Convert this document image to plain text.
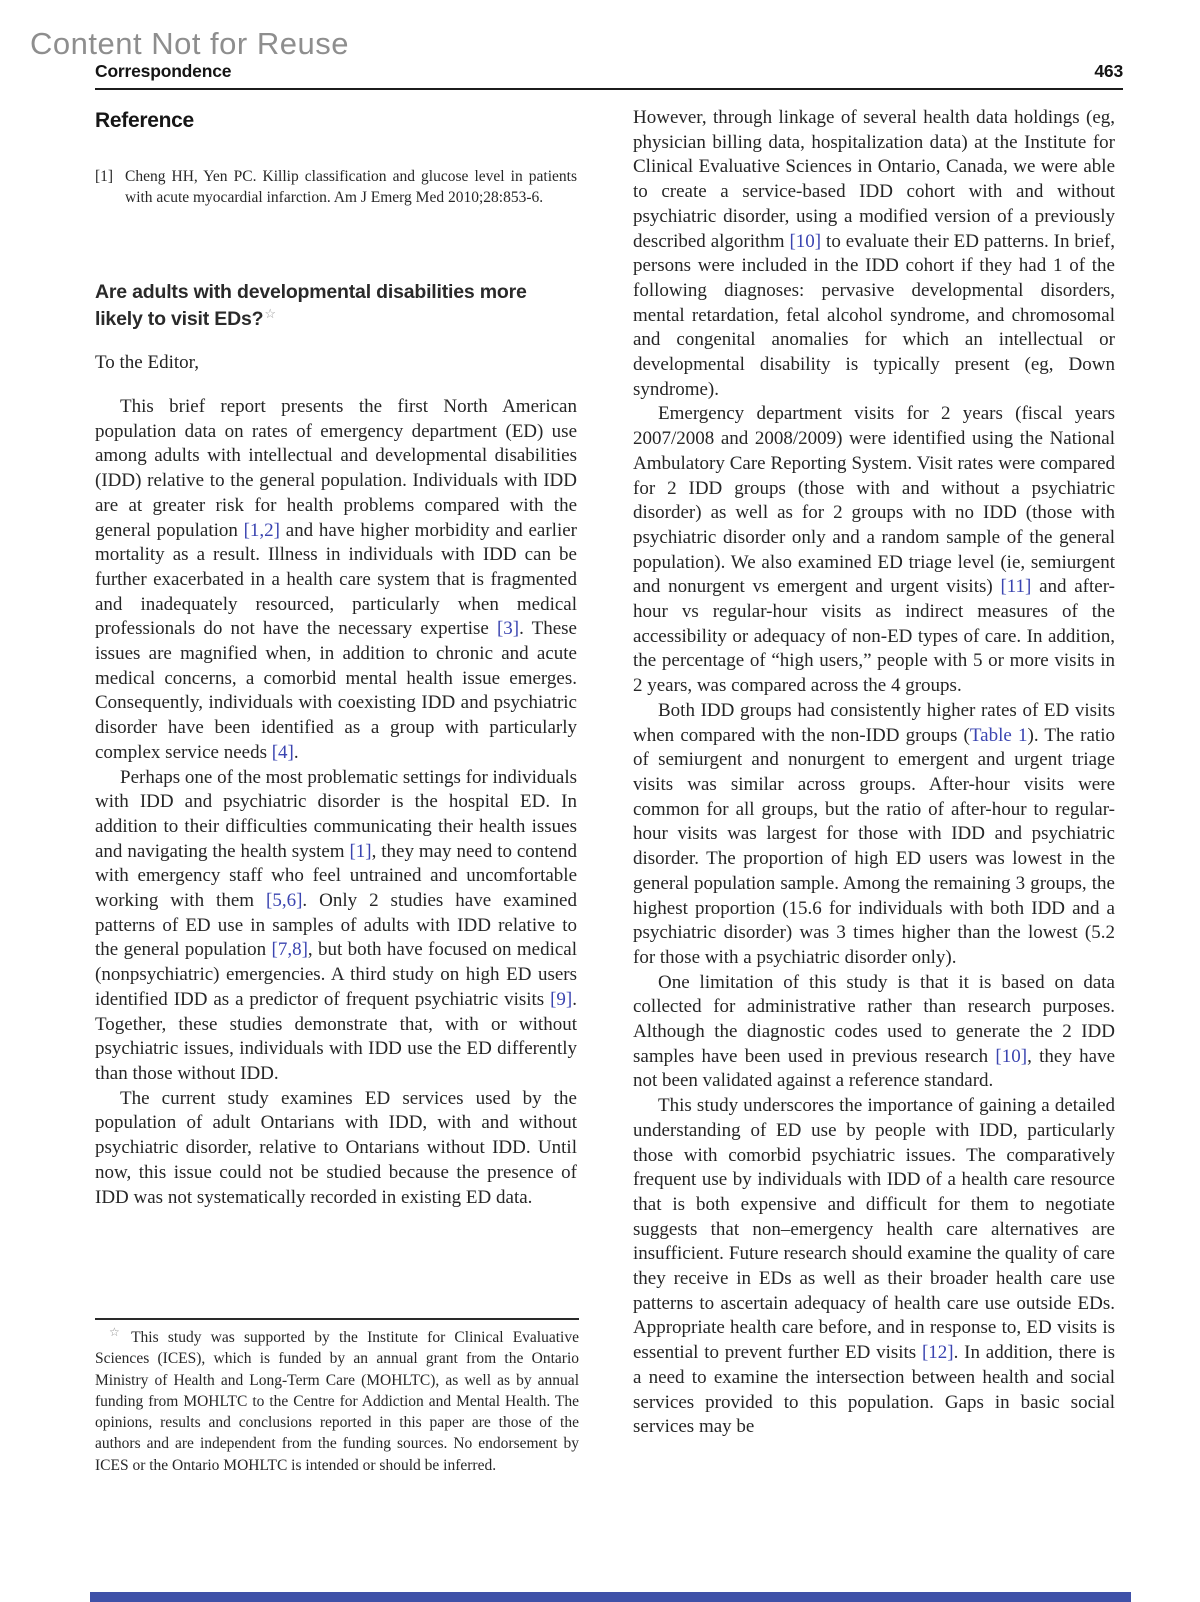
Content Not for Reuse
Correspondence	463
Reference
[1] Cheng HH, Yen PC. Killip classification and glucose level in patients with acute myocardial infarction. Am J Emerg Med 2010;28:853-6.
Are adults with developmental disabilities more likely to visit EDs?☆

To the Editor,

This brief report presents the first North American population data on rates of emergency department (ED) use among adults with intellectual and developmental disabilities (IDD) relative to the general population. Individuals with IDD are at greater risk for health problems compared with the general population [1,2] and have higher morbidity and earlier mortality as a result. Illness in individuals with IDD can be further exacerbated in a health care system that is fragmented and inadequately resourced, particularly when medical professionals do not have the necessary expertise [3]. These issues are magnified when, in addition to chronic and acute medical concerns, a comorbid mental health issue emerges. Consequently, individuals with coexisting IDD and psychiatric disorder have been identified as a group with particularly complex service needs [4].

Perhaps one of the most problematic settings for individuals with IDD and psychiatric disorder is the hospital ED. In addition to their difficulties communicating their health issues and navigating the health system [1], they may need to contend with emergency staff who feel untrained and uncomfortable working with them [5,6]. Only 2 studies have examined patterns of ED use in samples of adults with IDD relative to the general population [7,8], but both have focused on medical (nonpsychiatric) emergencies. A third study on high ED users identified IDD as a predictor of frequent psychiatric visits [9]. Together, these studies demonstrate that, with or without psychiatric issues, individuals with IDD use the ED differently than those without IDD.

The current study examines ED services used by the population of adult Ontarians with IDD, with and without psychiatric disorder, relative to Ontarians without IDD. Until now, this issue could not be studied because the presence of IDD was not systematically recorded in existing ED data.

However, through linkage of several health data holdings (eg, physician billing data, hospitalization data) at the Institute for Clinical Evaluative Sciences in Ontario, Canada, we were able to create a service-based IDD cohort with and without psychiatric disorder, using a modified version of a previously described algorithm [10] to evaluate their ED patterns. In brief, persons were included in the IDD cohort if they had 1 of the following diagnoses: pervasive developmental disorders, mental retardation, fetal alcohol syndrome, and chromosomal and congenital anomalies for which an intellectual or developmental disability is typically present (eg, Down syndrome).

Emergency department visits for 2 years (fiscal years 2007/2008 and 2008/2009) were identified using the National Ambulatory Care Reporting System. Visit rates were compared for 2 IDD groups (those with and without a psychiatric disorder) as well as for 2 groups with no IDD (those with psychiatric disorder only and a random sample of the general population). We also examined ED triage level (ie, semiurgent and nonurgent vs emergent and urgent visits) [11] and after-hour vs regular-hour visits as indirect measures of the accessibility or adequacy of non-ED types of care. In addition, the percentage of “high users,” people with 5 or more visits in 2 years, was compared across the 4 groups.

Both IDD groups had consistently higher rates of ED visits when compared with the non-IDD groups (Table 1). The ratio of semiurgent and nonurgent to emergent and urgent triage visits was similar across groups. After-hour visits were common for all groups, but the ratio of after-hour to regular-hour visits was largest for those with IDD and psychiatric disorder. The proportion of high ED users was lowest in the general population sample. Among the remaining 3 groups, the highest proportion (15.6 for individuals with both IDD and a psychiatric disorder) was 3 times higher than the lowest (5.2 for those with a psychiatric disorder only).

One limitation of this study is that it is based on data collected for administrative rather than research purposes. Although the diagnostic codes used to generate the 2 IDD samples have been used in previous research [10], they have not been validated against a reference standard.

This study underscores the importance of gaining a detailed understanding of ED use by people with IDD, particularly those with comorbid psychiatric issues. The comparatively frequent use by individuals with IDD of a health care resource that is both expensive and difficult for them to negotiate suggests that non–emergency health care alternatives are insufficient. Future research should examine the quality of care they receive in EDs as well as their broader health care use patterns to ascertain adequacy of health care use outside EDs. Appropriate health care before, and in response to, ED visits is essential to prevent further ED visits [12]. In addition, there is a need to examine the intersection between health and social services provided to this population. Gaps in basic social services may be

☆ This study was supported by the Institute for Clinical Evaluative Sciences (ICES), which is funded by an annual grant from the Ontario Ministry of Health and Long-Term Care (MOHLTC), as well as by annual funding from MOHLTC to the Centre for Addiction and Mental Health. The opinions, results and conclusions reported in this paper are those of the authors and are independent from the funding sources. No endorsement by ICES or the Ontario MOHLTC is intended or should be inferred.
